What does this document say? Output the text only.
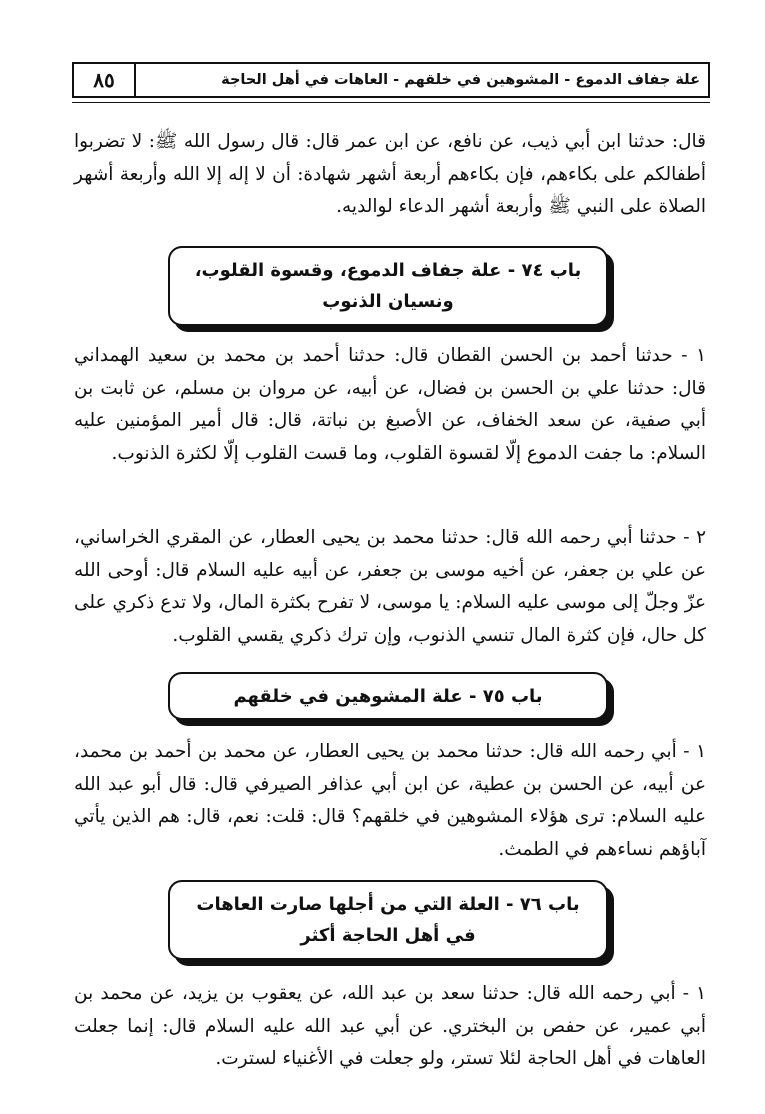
علة جفاف الدموع - المشوهين في خلقهم - العاهات في أهل الحاجة
٨٥
قال: حدثنا ابن أبي ذيب، عن نافع، عن ابن عمر قال: قال رسول الله ﷺ: لا تضربوا أطفالكم على بكاءهم، فإن بكاءهم أربعة أشهر شهادة: أن لا إله إلا الله وأربعة أشهر الصلاة على النبي ﷺ وأربعة أشهر الدعاء لوالديه.
باب ٧٤ - علة جفاف الدموع، وقسوة القلوب،
ونسيان الذنوب
١ - حدثنا أحمد بن الحسن القطان قال: حدثنا أحمد بن محمد بن سعيد الهمداني قال: حدثنا علي بن الحسن بن فضال، عن أبيه، عن مروان بن مسلم، عن ثابت بن أبي صفية، عن سعد الخفاف، عن الأصبغ بن نباتة، قال: قال أمير المؤمنين عليه السلام: ما جفت الدموع إلّا لقسوة القلوب، وما قست القلوب إلّا لكثرة الذنوب.
٢ - حدثنا أبي رحمه الله قال: حدثنا محمد بن يحيى العطار، عن المقري الخراساني، عن علي بن جعفر، عن أخيه موسى بن جعفر، عن أبيه عليه السلام قال: أوحى الله عزّ وجلّ إلى موسى عليه السلام: يا موسى، لا تفرح بكثرة المال، ولا تدع ذكري على كل حال، فإن كثرة المال تنسي الذنوب، وإن ترك ذكري يقسي القلوب.
باب ٧٥ - علة المشوهين في خلقهم
١ - أبي رحمه الله قال: حدثنا محمد بن يحيى العطار، عن محمد بن أحمد بن محمد، عن أبيه، عن الحسن بن عطية، عن ابن أبي عذافر الصيرفي قال: قال أبو عبد الله عليه السلام: ترى هؤلاء المشوهين في خلقهم؟ قال: قلت: نعم، قال: هم الذين يأتي آباؤهم نساءهم في الطمث.
باب ٧٦ - العلة التي من أجلها صارت العاهات
في أهل الحاجة أكثر
١ - أبي رحمه الله قال: حدثنا سعد بن عبد الله، عن يعقوب بن يزيد، عن محمد بن أبي عمير، عن حفص بن البختري. عن أبي عبد الله عليه السلام قال: إنما جعلت العاهات في أهل الحاجة لئلا تستر، ولو جعلت في الأغنياء لسترت.
